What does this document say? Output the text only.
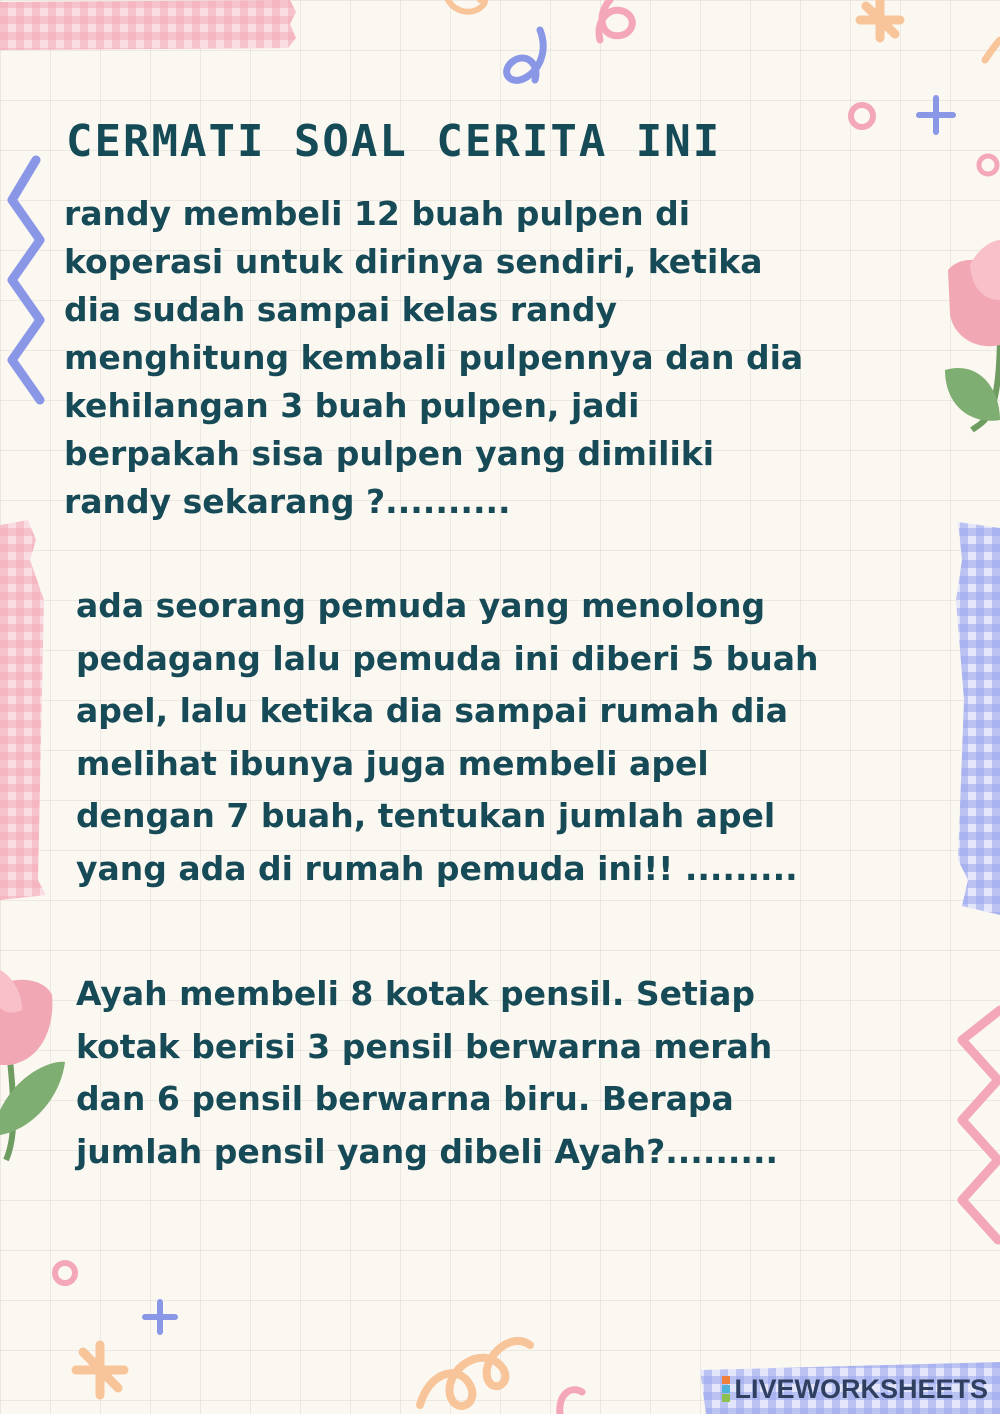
CERMATI SOAL CERITA INI

randy membeli 12 buah pulpen di
koperasi untuk dirinya sendiri, ketika
dia sudah sampai kelas randy
menghitung kembali pulpennya dan dia
kehilangan 3 buah pulpen, jadi
berpakah sisa pulpen yang dimiliki
randy sekarang ?..........

ada seorang pemuda yang menolong
pedagang lalu pemuda ini diberi 5 buah
apel, lalu ketika dia sampai rumah dia
melihat ibunya juga membeli apel
dengan 7 buah, tentukan jumlah apel
yang ada di rumah pemuda ini!! .........

Ayah membeli 8 kotak pensil. Setiap
kotak berisi 3 pensil berwarna merah
dan 6 pensil berwarna biru. Berapa
jumlah pensil yang dibeli Ayah?.........

LIVEWORKSHEETS
